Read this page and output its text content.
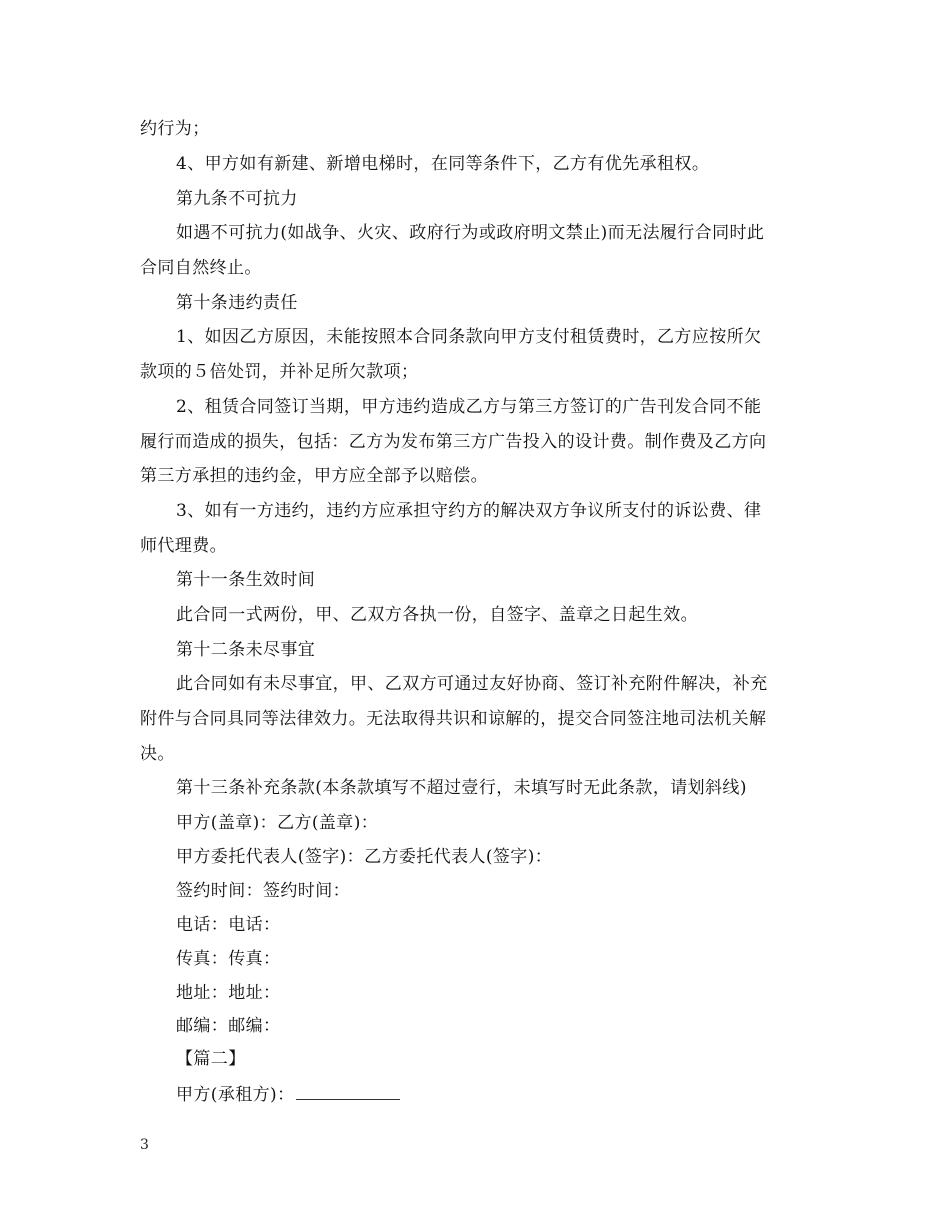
约行为；
4、甲方如有新建、新增电梯时，在同等条件下，乙方有优先承租权。
第九条不可抗力
如遇不可抗力(如战争、火灾、政府行为或政府明文禁止)而无法履行合同时此
合同自然终止。
第十条违约责任
1、如因乙方原因，未能按照本合同条款向甲方支付租赁费时，乙方应按所欠
款项的５倍处罚，并补足所欠款项；
2、租赁合同签订当期，甲方违约造成乙方与第三方签订的广告刊发合同不能
履行而造成的损失，包括：乙方为发布第三方广告投入的设计费。制作费及乙方向
第三方承担的违约金，甲方应全部予以赔偿。
3、如有一方违约，违约方应承担守约方的解决双方争议所支付的诉讼费、律
师代理费。
第十一条生效时间
此合同一式两份，甲、乙双方各执一份，自签字、盖章之日起生效。
第十二条未尽事宜
此合同如有未尽事宜，甲、乙双方可通过友好协商、签订补充附件解决，补充
附件与合同具同等法律效力。无法取得共识和谅解的，提交合同签注地司法机关解
决。
第十三条补充条款(本条款填写不超过壹行，未填写时无此条款，请划斜线)
甲方(盖章)：乙方(盖章)：
甲方委托代表人(签字)：乙方委托代表人(签字)：
签约时间：签约时间：
电话：电话：
传真：传真：
地址：地址：
邮编：邮编：
【篇二】
甲方(承租方)：
3
